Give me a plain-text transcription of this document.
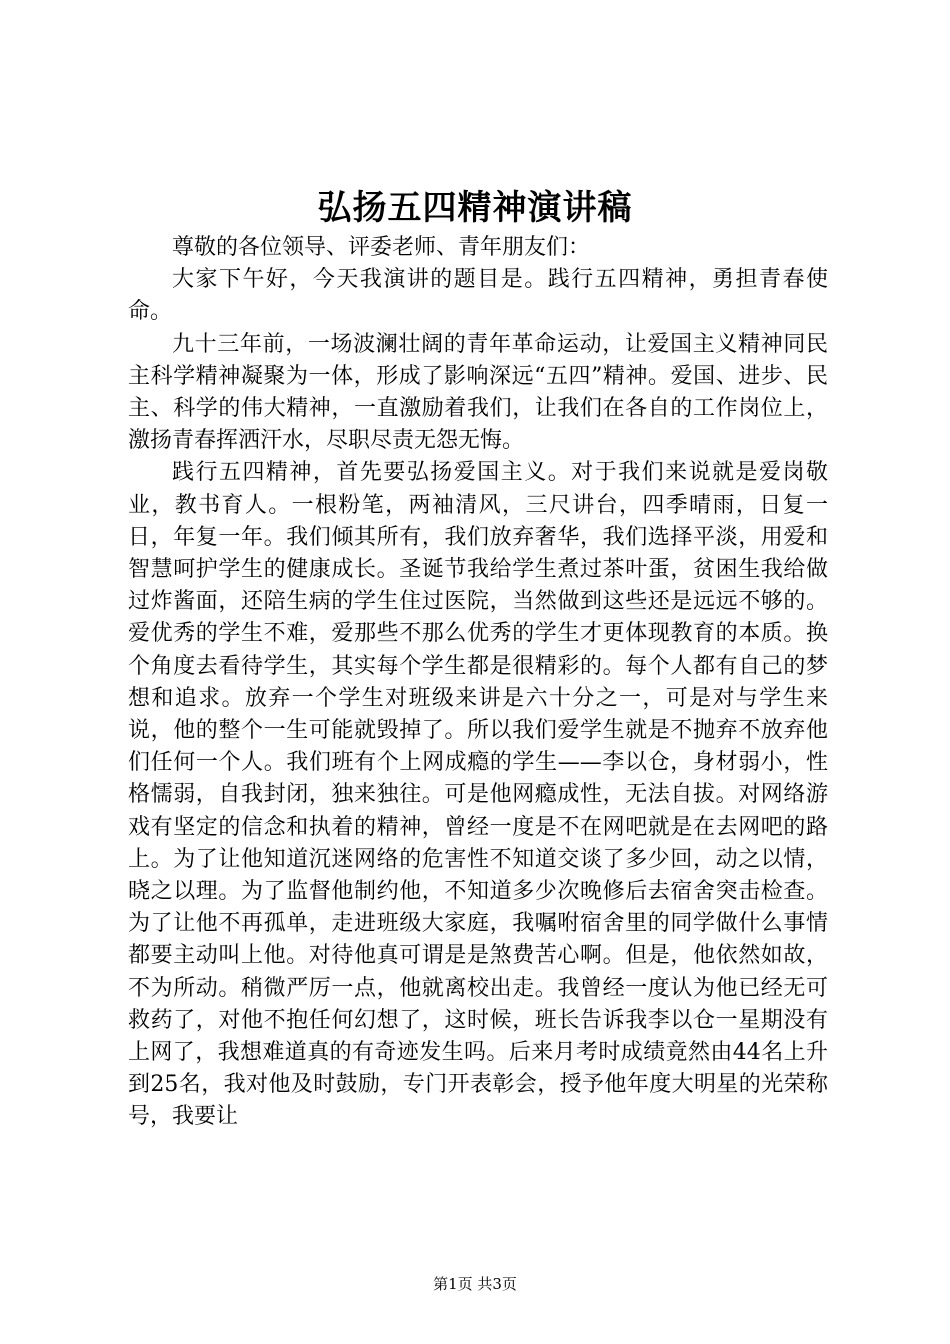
弘扬五四精神演讲稿

尊敬的各位领导、评委老师、青年朋友们：

大家下午好，今天我演讲的题目是。践行五四精神，勇担青春使命。

九十三年前，一场波澜壮阔的青年革命运动，让爱国主义精神同民主科学精神凝聚为一体，形成了影响深远“五四”精神。爱国、进步、民主、科学的伟大精神，一直激励着我们，让我们在各自的工作岗位上，激扬青春挥洒汗水，尽职尽责无怨无悔。

践行五四精神，首先要弘扬爱国主义。对于我们来说就是爱岗敬业，教书育人。一根粉笔，两袖清风，三尺讲台，四季晴雨，日复一日，年复一年。我们倾其所有，我们放弃奢华，我们选择平淡，用爱和智慧呵护学生的健康成长。圣诞节我给学生煮过茶叶蛋，贫困生我给做过炸酱面，还陪生病的学生住过医院，当然做到这些还是远远不够的。爱优秀的学生不难，爱那些不那么优秀的学生才更体现教育的本质。换个角度去看待学生，其实每个学生都是很精彩的。每个人都有自己的梦想和追求。放弃一个学生对班级来讲是六十分之一，可是对与学生来说，他的整个一生可能就毁掉了。所以我们爱学生就是不抛弃不放弃他们任何一个人。我们班有个上网成瘾的学生——李以仓，身材弱小，性格懦弱，自我封闭，独来独往。可是他网瘾成性，无法自拔。对网络游戏有坚定的信念和执着的精神，曾经一度是不在网吧就是在去网吧的路上。为了让他知道沉迷网络的危害性不知道交谈了多少回，动之以情，晓之以理。为了监督他制约他，不知道多少次晚修后去宿舍突击检查。为了让他不再孤单，走进班级大家庭，我嘱咐宿舍里的同学做什么事情都要主动叫上他。对待他真可谓是是煞费苦心啊。但是，他依然如故，不为所动。稍微严厉一点，他就离校出走。我曾经一度认为他已经无可救药了，对他不抱任何幻想了，这时候，班长告诉我李以仓一星期没有上网了，我想难道真的有奇迹发生吗。后来月考时成绩竟然由44名上升到25名，我对他及时鼓励，专门开表彰会，授予他年度大明星的光荣称号，我要让

第1页 共3页
